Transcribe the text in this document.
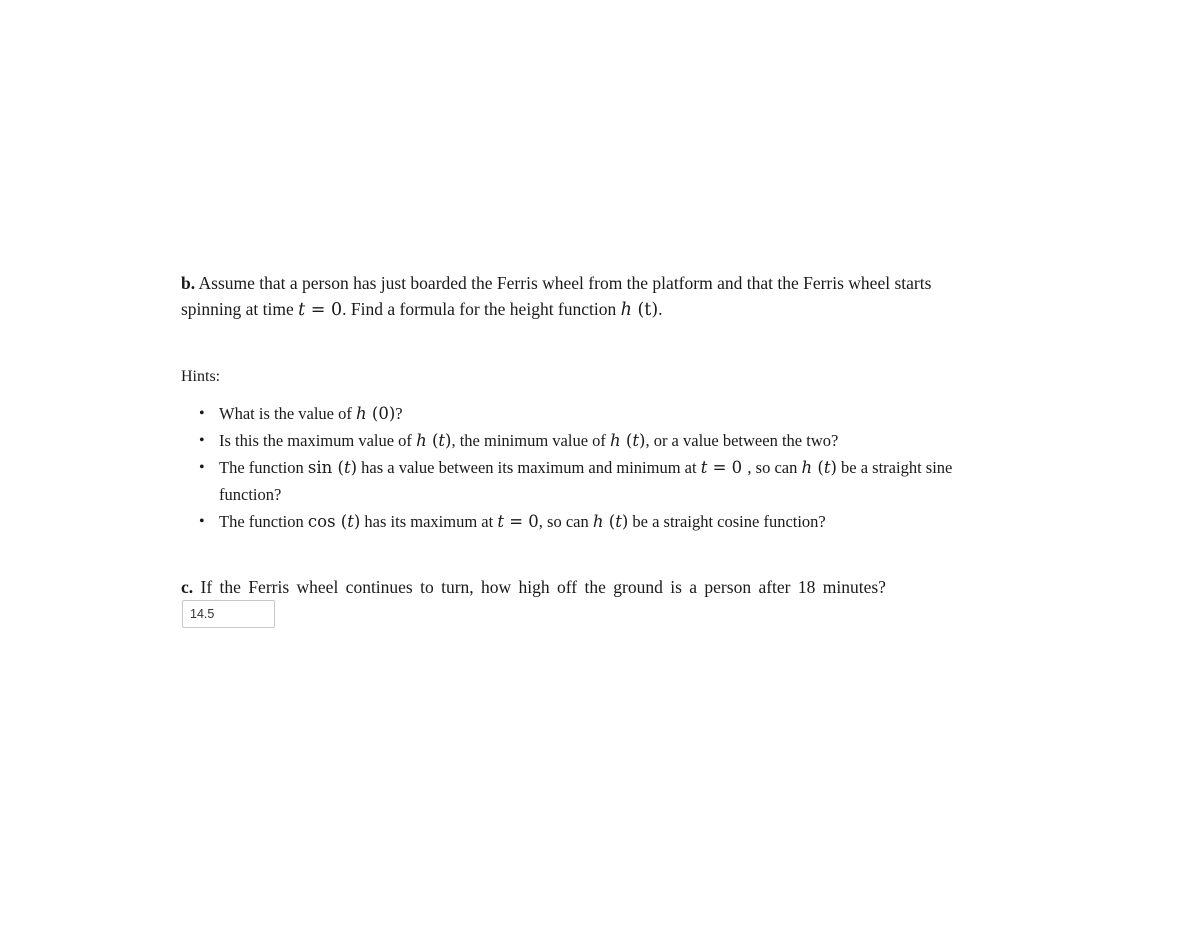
b. Assume that a person has just boarded the Ferris wheel from the platform and that the Ferris wheel starts spinning at time t = 0. Find a formula for the height function h (t).

Hints:

• What is the value of h (0)?
• Is this the maximum value of h (t), the minimum value of h (t), or a value between the two?
• The function sin (t) has a value between its maximum and minimum at t = 0 , so can h (t) be a straight sine function?
• The function cos (t) has its maximum at t = 0, so can h (t) be a straight cosine function?

c. If the Ferris wheel continues to turn, how high off the ground is a person after 18 minutes?

14.5
